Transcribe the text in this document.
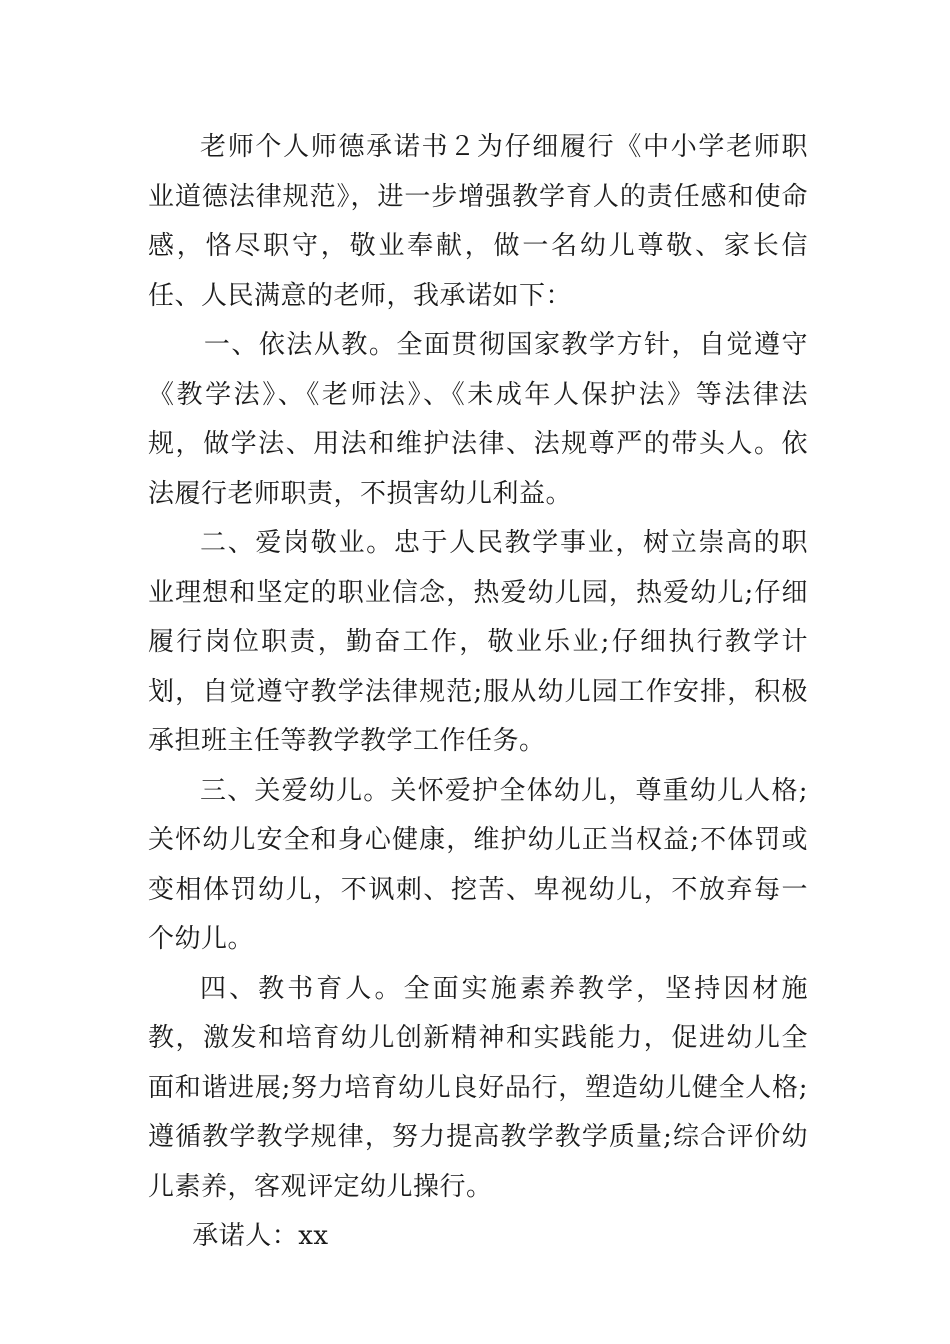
老师个人师德承诺书２为仔细履行《中小学老师职业道德法律规范》，进一步增强教学育人的责任感和使命感，恪尽职守，敬业奉献，做一名幼儿尊敬、家长信任、人民满意的老师，我承诺如下：

一、依法从教。全面贯彻国家教学方针，自觉遵守《教学法》、《老师法》、《未成年人保护法》等法律法规，做学法、用法和维护法律、法规尊严的带头人。依法履行老师职责，不损害幼儿利益。

二、爱岗敬业。忠于人民教学事业，树立崇高的职业理想和坚定的职业信念，热爱幼儿园，热爱幼儿;仔细履行岗位职责，勤奋工作，敬业乐业;仔细执行教学计划，自觉遵守教学法律规范;服从幼儿园工作安排，积极承担班主任等教学教学工作任务。

三、关爱幼儿。关怀爱护全体幼儿，尊重幼儿人格;关怀幼儿安全和身心健康，维护幼儿正当权益;不体罚或变相体罚幼儿，不讽刺、挖苦、卑视幼儿，不放弃每一个幼儿。

四、教书育人。全面实施素养教学，坚持因材施教，激发和培育幼儿创新精神和实践能力，促进幼儿全面和谐进展;努力培育幼儿良好品行，塑造幼儿健全人格;遵循教学教学规律，努力提高教学教学质量;综合评价幼儿素养，客观评定幼儿操行。

承诺人：xx
